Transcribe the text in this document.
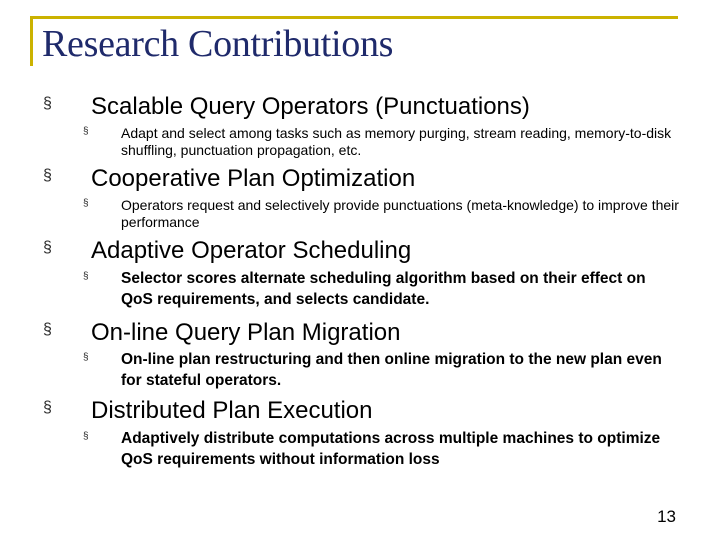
Research Contributions
§ Scalable Query Operators (Punctuations)
§ Adapt and select among tasks such as memory purging, stream reading, memory-to-disk shuffling, punctuation propagation, etc.
§ Cooperative Plan Optimization
§ Operators request and selectively provide punctuations (meta-knowledge) to improve their performance
§ Adaptive Operator Scheduling
§ Selector scores alternate scheduling algorithm based on their effect on QoS requirements, and selects candidate.
§ On-line Query Plan Migration
§ On-line plan restructuring and then online migration to the new plan even for stateful operators.
§ Distributed Plan Execution
§ Adaptively distribute computations across multiple machines to optimize QoS requirements without information loss
13
